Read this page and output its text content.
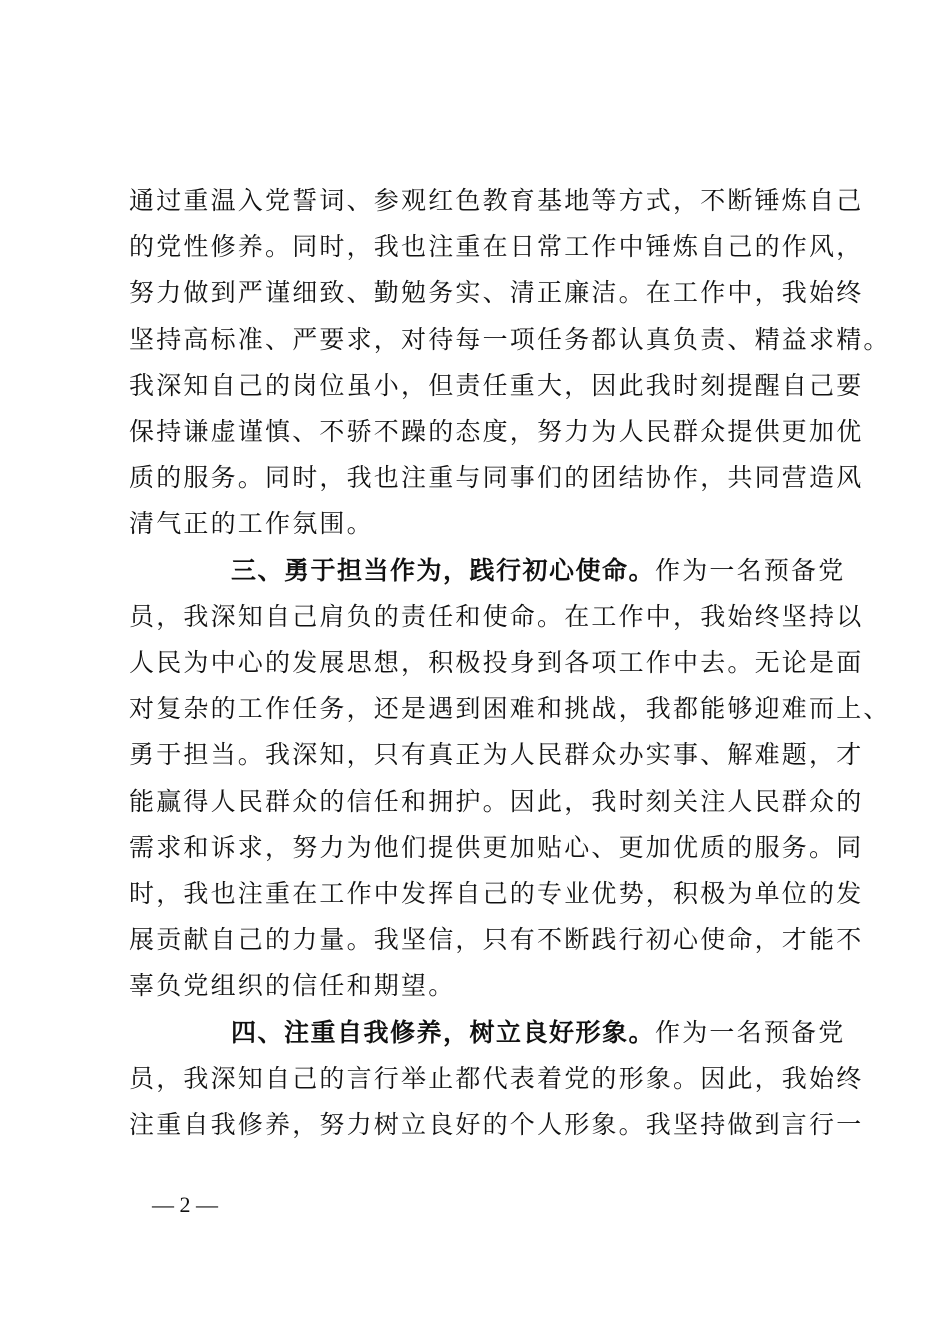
通过重温入党誓词、参观红色教育基地等方式，不断锤炼自己
的党性修养。同时，我也注重在日常工作中锤炼自己的作风，
努力做到严谨细致、勤勉务实、清正廉洁。在工作中，我始终
坚持高标准、严要求，对待每一项任务都认真负责、精益求精。
我深知自己的岗位虽小，但责任重大，因此我时刻提醒自己要
保持谦虚谨慎、不骄不躁的态度，努力为人民群众提供更加优
质的服务。同时，我也注重与同事们的团结协作，共同营造风
清气正的工作氛围。
三、勇于担当作为，践行初心使命。作为一名预备党
员，我深知自己肩负的责任和使命。在工作中，我始终坚持以
人民为中心的发展思想，积极投身到各项工作中去。无论是面
对复杂的工作任务，还是遇到困难和挑战，我都能够迎难而上、
勇于担当。我深知，只有真正为人民群众办实事、解难题，才
能赢得人民群众的信任和拥护。因此，我时刻关注人民群众的
需求和诉求，努力为他们提供更加贴心、更加优质的服务。同
时，我也注重在工作中发挥自己的专业优势，积极为单位的发
展贡献自己的力量。我坚信，只有不断践行初心使命，才能不
辜负党组织的信任和期望。
四、注重自我修养，树立良好形象。作为一名预备党
员，我深知自己的言行举止都代表着党的形象。因此，我始终
注重自我修养，努力树立良好的个人形象。我坚持做到言行一
— 2 —
